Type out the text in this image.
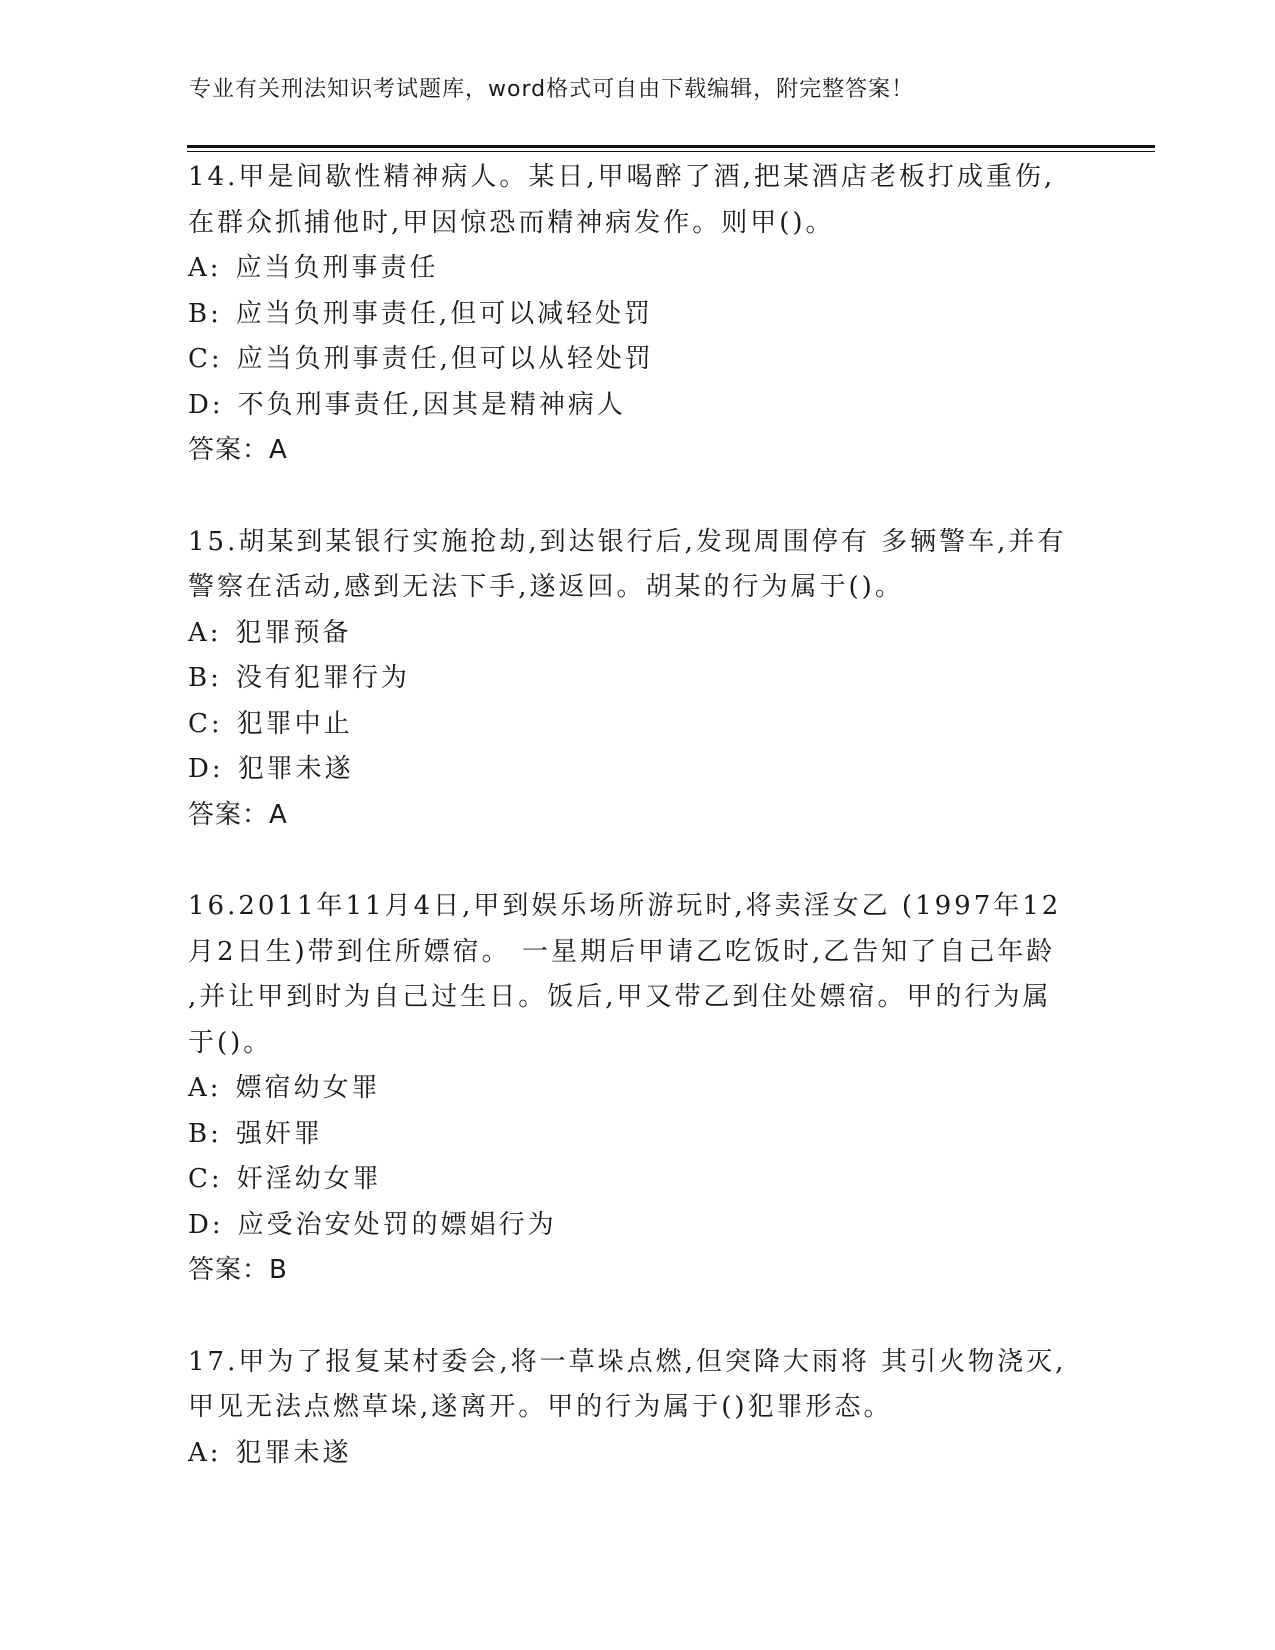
专业有关刑法知识考试题库，word格式可自由下载编辑，附完整答案！
14.甲是间歇性精神病人。某日,甲喝醉了酒,把某酒店老板打成重伤,
在群众抓捕他时,甲因惊恐而精神病发作。则甲()。
A: 应当负刑事责任
B: 应当负刑事责任,但可以减轻处罚
C: 应当负刑事责任,但可以从轻处罚
D: 不负刑事责任,因其是精神病人
答案：A
15.胡某到某银行实施抢劫,到达银行后,发现周围停有 多辆警车,并有
警察在活动,感到无法下手,遂返回。胡某的行为属于()。
A: 犯罪预备
B: 没有犯罪行为
C: 犯罪中止
D: 犯罪未遂
答案：A
16.2011年11月4日,甲到娱乐场所游玩时,将卖淫女乙 (1997年12
月2日生)带到住所嫖宿。 一星期后甲请乙吃饭时,乙告知了自己年龄
,并让甲到时为自己过生日。饭后,甲又带乙到住处嫖宿。甲的行为属
于()。
A: 嫖宿幼女罪
B: 强奸罪
C: 奸淫幼女罪
D: 应受治安处罚的嫖娼行为
答案：B
17.甲为了报复某村委会,将一草垛点燃,但突降大雨将 其引火物浇灭,
甲见无法点燃草垛,遂离开。甲的行为属于()犯罪形态。
A: 犯罪未遂
